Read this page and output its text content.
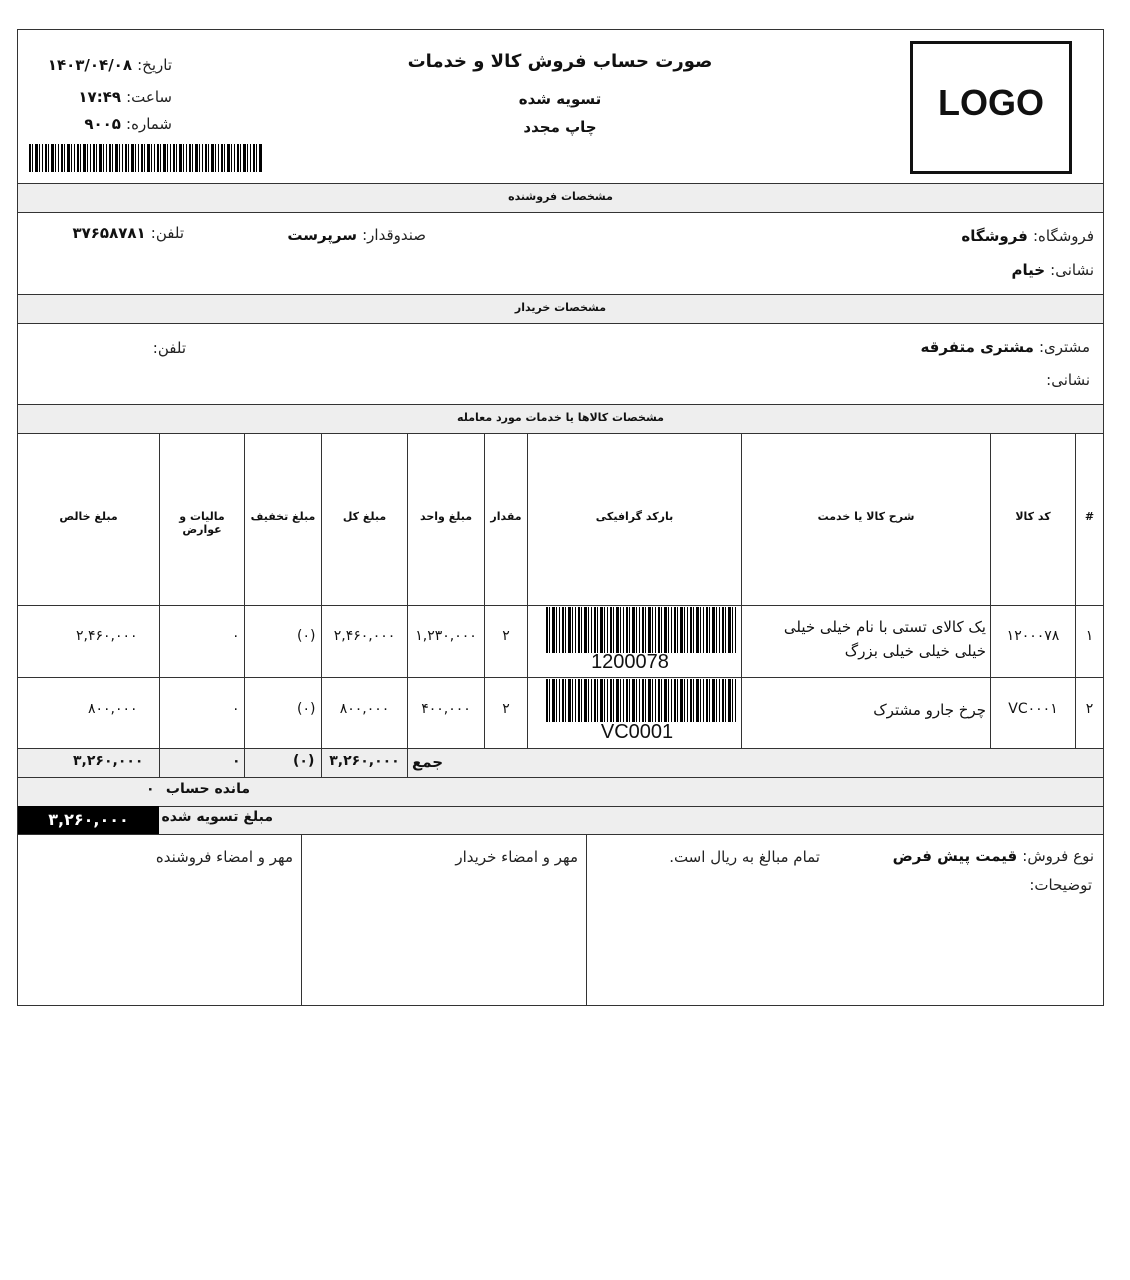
صورت حساب فروش کالا و خدمات
تسویه شده
چاپ مجدد
تاریخ: ۱۴۰۳/۰۴/۰۸
ساعت: ۱۷:۴۹
شماره: ۹۰۰۵
LOGO
مشخصات فروشنده
فروشگاه: فروشگاه
نشانی: خیام
صندوقدار: سرپرست
تلفن: ۳۷۶۵۸۷۸۱
مشخصات خریدار
مشتری: مشتری متفرقه
نشانی:
تلفن:
مشخصات کالاها یا خدمات مورد معامله
#
کد کالا
شرح کالا یا خدمت
بارکد گرافیکی
مقدار
مبلغ واحد
مبلغ کل
مبلغ تخفیف
مالیات و عوارض
مبلغ خالص
۱
۱۲۰۰۰۷۸
یک کالای تستی با نام خیلی خیلی
خیلی خیلی خیلی بزرگ
1200078
۲
۱,۲۳۰,۰۰۰
۲,۴۶۰,۰۰۰
(۰)
۰
۲,۴۶۰,۰۰۰
۲
VC۰۰۰۱
چرخ جارو مشترک
VC0001
۲
۴۰۰,۰۰۰
۸۰۰,۰۰۰
(۰)
۰
۸۰۰,۰۰۰
جمع
۳,۲۶۰,۰۰۰
(۰)
۰
۳,۲۶۰,۰۰۰
مانده حساب
۰
مبلغ تسویه شده
۳,۲۶۰,۰۰۰
نوع فروش: قیمت پیش فرض
تمام مبالغ به ریال است.
توضیحات:
مهر و امضاء خریدار
مهر و امضاء فروشنده
